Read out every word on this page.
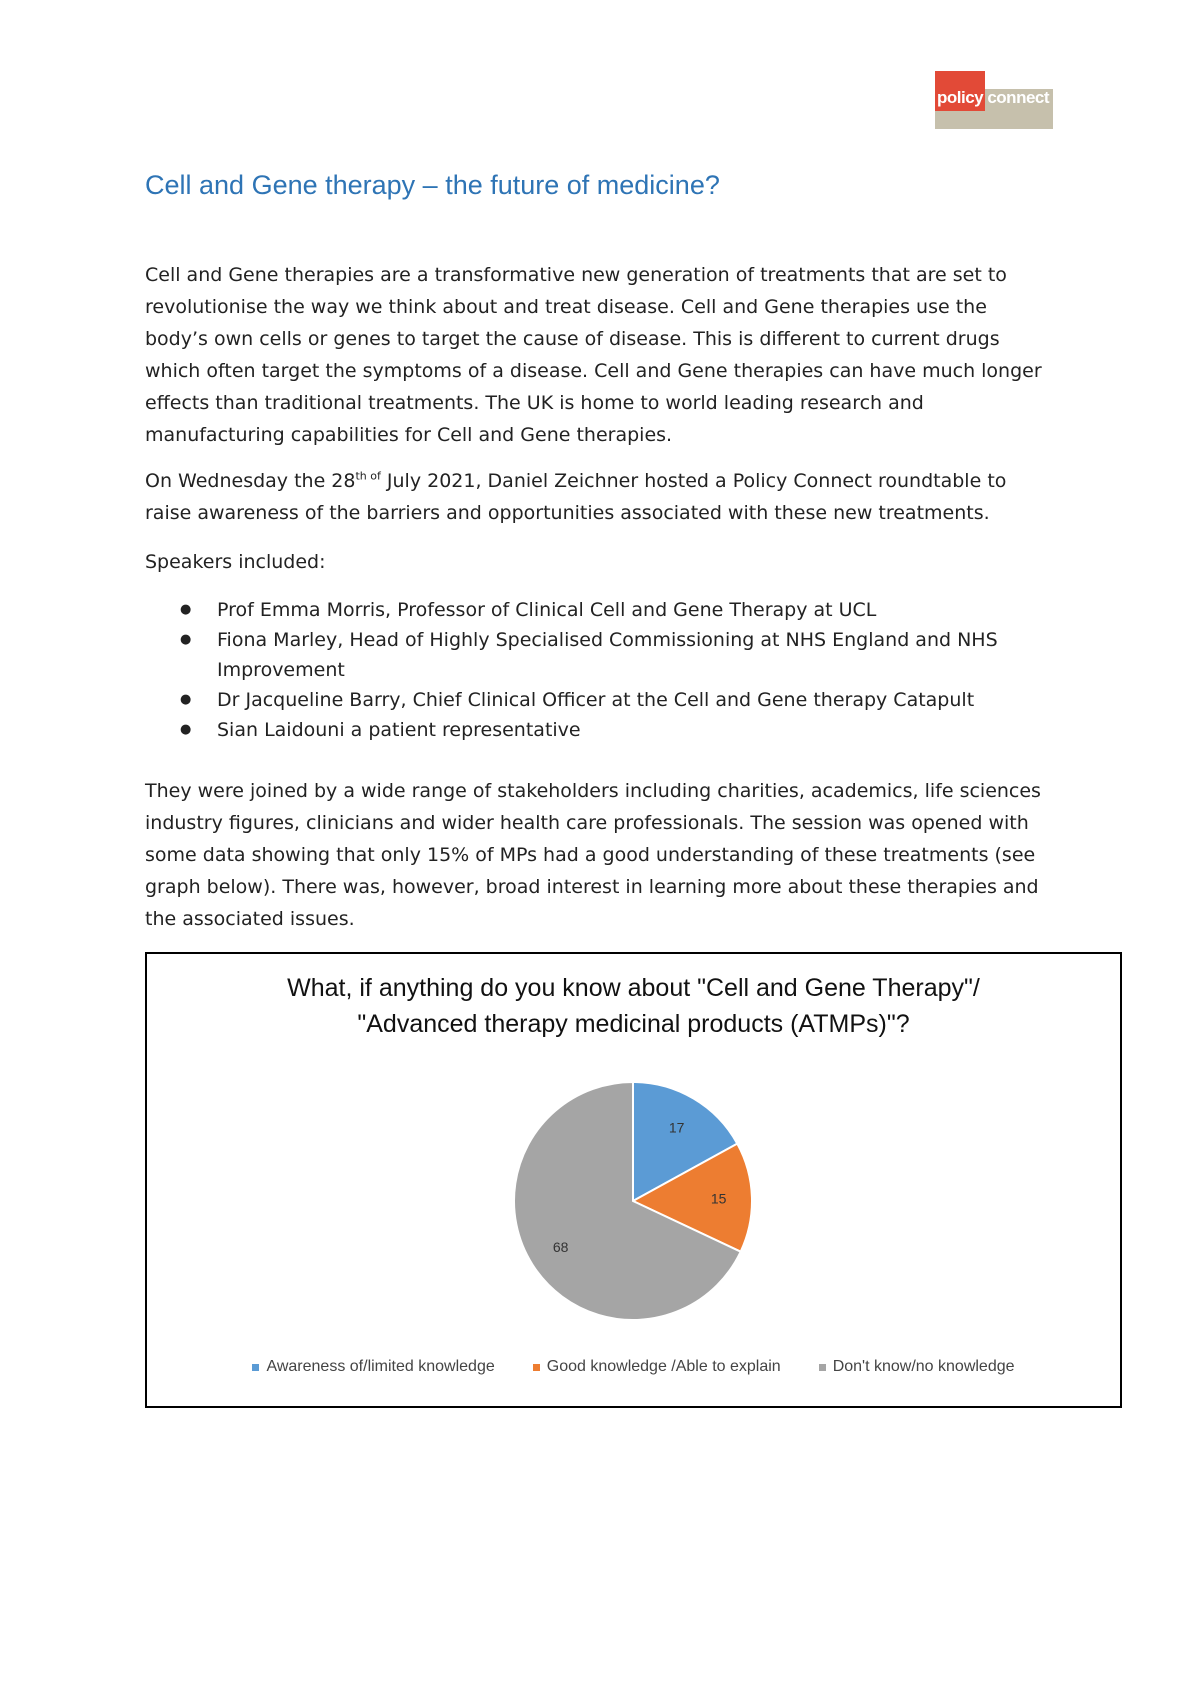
policy connect
Cell and Gene therapy – the future of medicine?

Cell and Gene therapies are a transformative new generation of treatments that are set to revolutionise the way we think about and treat disease. Cell and Gene therapies use the body’s own cells or genes to target the cause of disease. This is different to current drugs which often target the symptoms of a disease. Cell and Gene therapies can have much longer effects than traditional treatments. The UK is home to world leading research and manufacturing capabilities for Cell and Gene therapies.

On Wednesday the $28^{th of}$ July 2021, Daniel Zeichner hosted a Policy Connect roundtable to raise awareness of the barriers and opportunities associated with these new treatments.

Speakers included:

● Prof Emma Morris, Professor of Clinical Cell and Gene Therapy at UCL
● Fiona Marley, Head of Highly Specialised Commissioning at NHS England and NHS Improvement
● Dr Jacqueline Barry, Chief Clinical Officer at the Cell and Gene therapy Catapult
● Sian Laidouni a patient representative

They were joined by a wide range of stakeholders including charities, academics, life sciences industry figures, clinicians and wider health care professionals. The session was opened with some data showing that only 15% of MPs had a good understanding of these treatments (see graph below). There was, however, broad interest in learning more about these therapies and the associated issues.

What, if anything do you know about "Cell and Gene Therapy"/
"Advanced therapy medicinal products (ATMPs)"?
17
15
68
Awareness of/limited knowledge	Good knowledge /Able to explain	Don't know/no knowledge
